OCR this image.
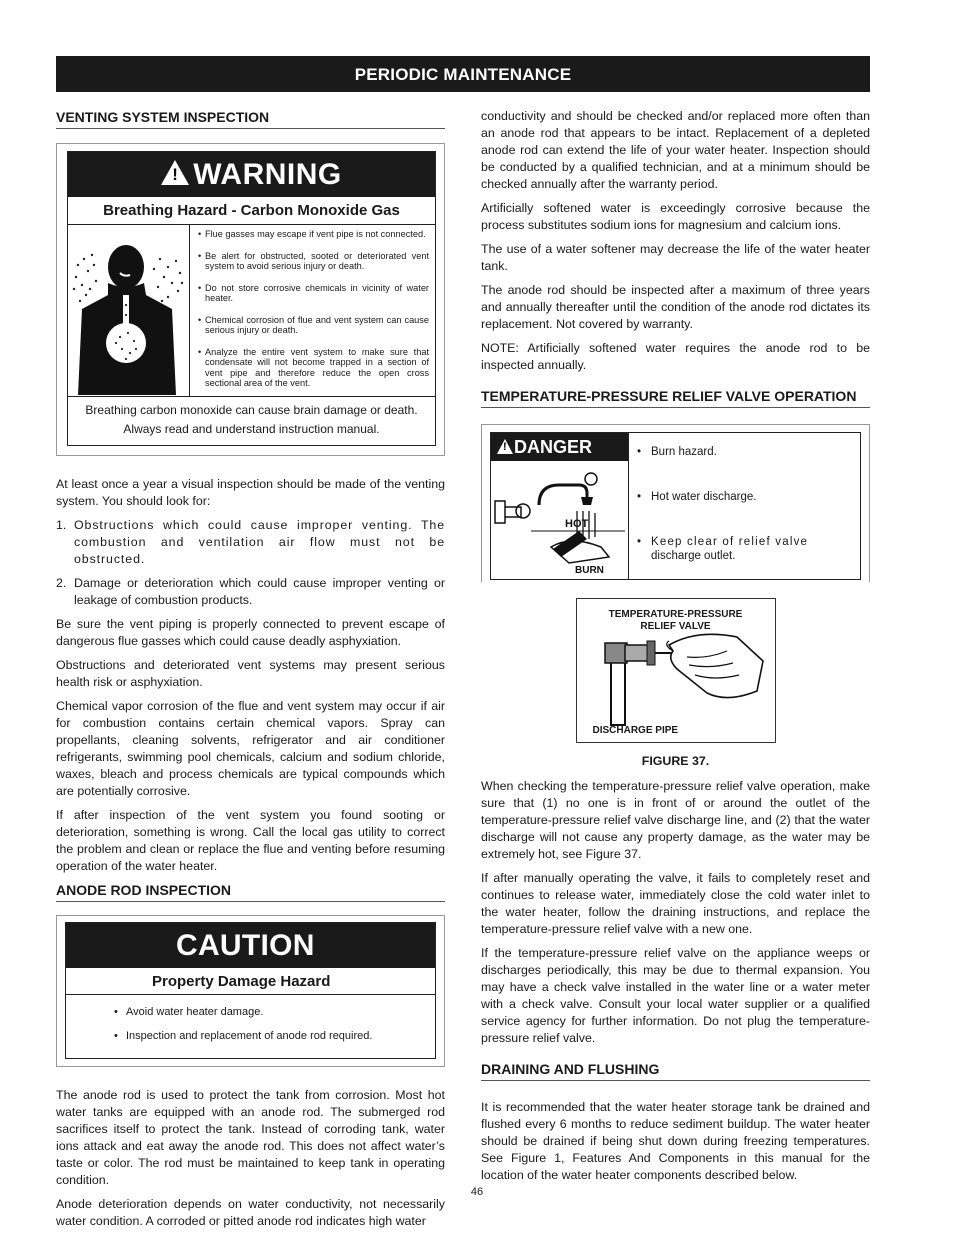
PERIODIC MAINTENANCE
VENTING SYSTEM INSPECTION
! WARNING
Breathing Hazard - Carbon Monoxide Gas
• Flue gasses may escape if vent pipe is not connected.
• Be alert for obstructed, sooted or deteriorated vent system to avoid serious injury or death.
• Do not store corrosive chemicals in vicinity of water heater.
• Chemical corrosion of flue and vent system can cause serious injury or death.
• Analyze the entire vent system to make sure that condensate will not become trapped in a section of vent pipe and therefore reduce the open cross sectional area of the vent.
Breathing carbon monoxide can cause brain damage or death.
Always read and understand instruction manual.

At least once a year a visual inspection should be made of the venting system. You should look for:

1. Obstructions which could cause improper venting. The combustion and ventilation air flow must not be obstructed.
2. Damage or deterioration which could cause improper venting or leakage of combustion products.

Be sure the vent piping is properly connected to prevent escape of dangerous flue gasses which could cause deadly asphyxiation.

Obstructions and deteriorated vent systems may present serious health risk or asphyxiation.

Chemical vapor corrosion of the flue and vent system may occur if air for combustion contains certain chemical vapors. Spray can propellants, cleaning solvents, refrigerator and air conditioner refrigerants, swimming pool chemicals, calcium and sodium chloride, waxes, bleach and process chemicals are typical compounds which are potentially corrosive.

If after inspection of the vent system you found sooting or deterioration, something is wrong. Call the local gas utility to correct the problem and clean or replace the flue and venting before resuming operation of the water heater.

ANODE ROD INSPECTION
CAUTION
Property Damage Hazard
• Avoid water heater damage.
• Inspection and replacement of anode rod required.

The anode rod is used to protect the tank from corrosion. Most hot water tanks are equipped with an anode rod. The submerged rod sacrifices itself to protect the tank. Instead of corroding tank, water ions attack and eat away the anode rod. This does not affect water’s taste or color. The rod must be maintained to keep tank in operating condition.

Anode deterioration depends on water conductivity, not necessarily water condition. A corroded or pitted anode rod indicates high water

conductivity and should be checked and/or replaced more often than an anode rod that appears to be intact. Replacement of a depleted anode rod can extend the life of your water heater. Inspection should be conducted by a qualified technician, and at a minimum should be checked annually after the warranty period.

Artificially softened water is exceedingly corrosive because the process substitutes sodium ions for magnesium and calcium ions.

The use of a water softener may decrease the life of the water heater tank.

The anode rod should be inspected after a maximum of three years and annually thereafter until the condition of the anode rod dictates its replacement. Not covered by warranty.

NOTE: Artificially softened water requires the anode rod to be inspected annually.

TEMPERATURE-PRESSURE RELIEF VALVE OPERATION
! DANGER
HOT
BURN
• Burn hazard.
• Hot water discharge.
• Keep clear of relief valve
discharge outlet.
TEMPERATURE-PRESSURE
RELIEF VALVE
DISCHARGE PIPE
FIGURE 37.

When checking the temperature-pressure relief valve operation, make sure that (1) no one is in front of or around the outlet of the temperature-pressure relief valve discharge line, and (2) that the water discharge will not cause any property damage, as the water may be extremely hot, see Figure 37.

If after manually operating the valve, it fails to completely reset and continues to release water, immediately close the cold water inlet to the water heater, follow the draining instructions, and replace the temperature-pressure relief valve with a new one.

If the temperature-pressure relief valve on the appliance weeps or discharges periodically, this may be due to thermal expansion. You may have a check valve installed in the water line or a water meter with a check valve. Consult your local water supplier or a qualified service agency for further information. Do not plug the temperature-pressure relief valve.

DRAINING AND FLUSHING

It is recommended that the water heater storage tank be drained and flushed every 6 months to reduce sediment buildup. The water heater should be drained if being shut down during freezing temperatures. See Figure 1, Features And Components in this manual for the location of the water heater components described below.

46
